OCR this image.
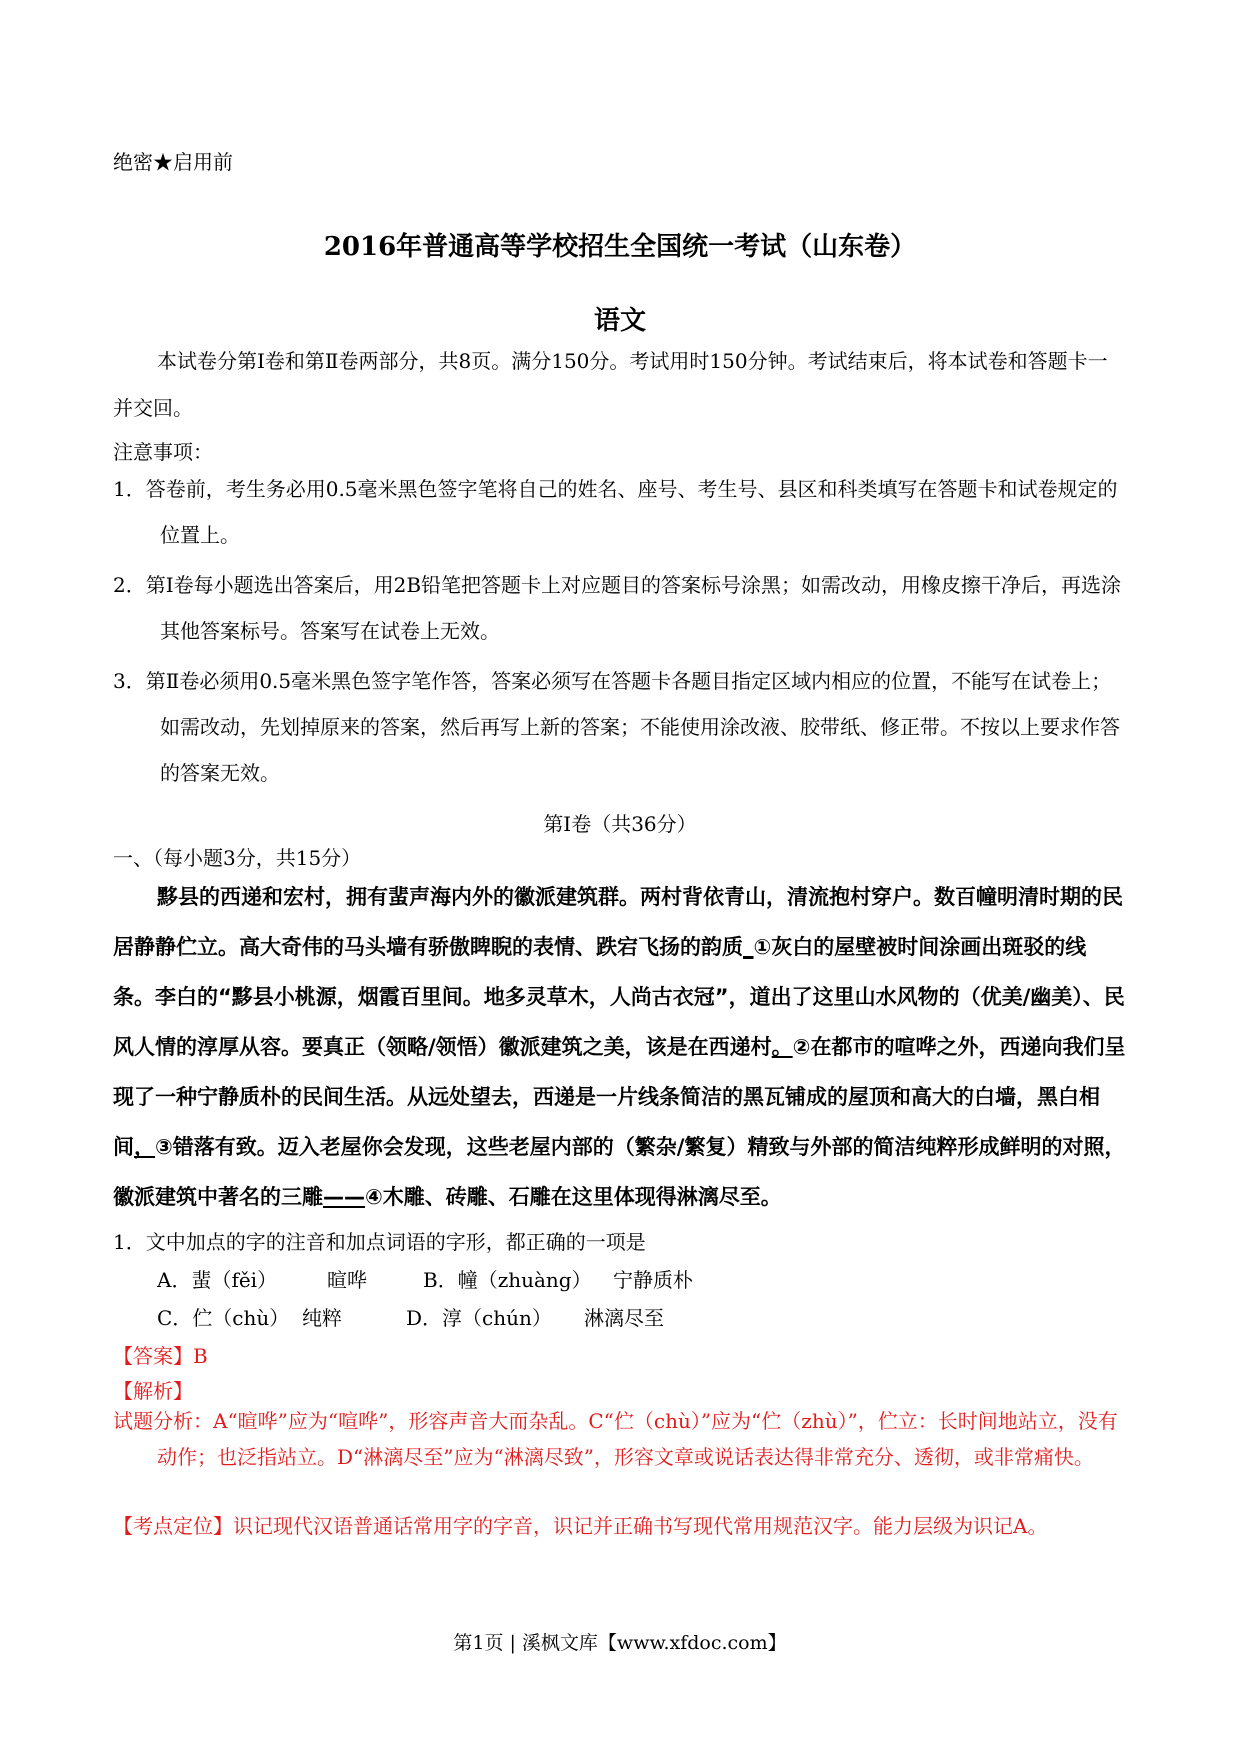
绝密★启用前
2016年普通高等学校招生全国统一考试（山东卷）
语文
本试卷分第Ⅰ卷和第Ⅱ卷两部分，共8页。满分150分。考试用时150分钟。考试结束后，将本试卷和答题卡一并交回。
注意事项：
1．答卷前，考生务必用0.5毫米黑色签字笔将自己的姓名、座号、考生号、县区和科类填写在答题卡和试卷规定的位置上。
2．第Ⅰ卷每小题选出答案后，用2B铅笔把答题卡上对应题目的答案标号涂黑；如需改动，用橡皮擦干净后，再选涂其他答案标号。答案写在试卷上无效。
3．第Ⅱ卷必须用0.5毫米黑色签字笔作答，答案必须写在答题卡各题目指定区域内相应的位置，不能写在试卷上；如需改动，先划掉原来的答案，然后再写上新的答案；不能使用涂改液、胶带纸、修正带。不按以上要求作答的答案无效。
第Ⅰ卷（共36分）
一、（每小题3分，共15分）
黟县的西递和宏村，拥有蜚声海内外的徽派建筑群。两村背依青山，清流抱村穿户。数百幢明清时期的民居静静伫立。高大奇伟的马头墙有骄傲睥睨的表情、跌宕飞扬的韵质_①灰白的屋壁被时间涂画出斑驳的线条。李白的“黟县小桃源，烟霞百里间。地多灵草木，人尚古衣冠”，道出了这里山水风物的（优美/幽美）、民风人情的淳厚从容。要真正（领略/领悟）徽派建筑之美，该是在西递村。②在都市的喧哗之外，西递向我们呈现了一种宁静质朴的民间生活。从远处望去，西递是一片线条简洁的黑瓦铺成的屋顶和高大的白墙，黑白相间，③错落有致。迈入老屋你会发现，这些老屋内部的（繁杂/繁复）精致与外部的简洁纯粹形成鲜明的对照，徽派建筑中著名的三雕——④木雕、砖雕、石雕在这里体现得淋漓尽至。
1．文中加点的字的注音和加点词语的字形，都正确的一项是
A．蜚（fěi） 暄哗	B．幢（zhuàng） 宁静质朴
C．伫（chù） 纯粹	D．淳（chún） 淋漓尽至
【答案】B
【解析】
试题分析：A“暄哗”应为“喧哗”，形容声音大而杂乱。C“伫（chù）”应为“伫（zhù）”，伫立：长时间地站立，没有动作；也泛指站立。D“淋漓尽至”应为“淋漓尽致”，形容文章或说话表达得非常充分、透彻，或非常痛快。
【考点定位】识记现代汉语普通话常用字的字音，识记并正确书写现代常用规范汉字。能力层级为识记A。
第1页 | 溪枫文库【www.xfdoc.com】
